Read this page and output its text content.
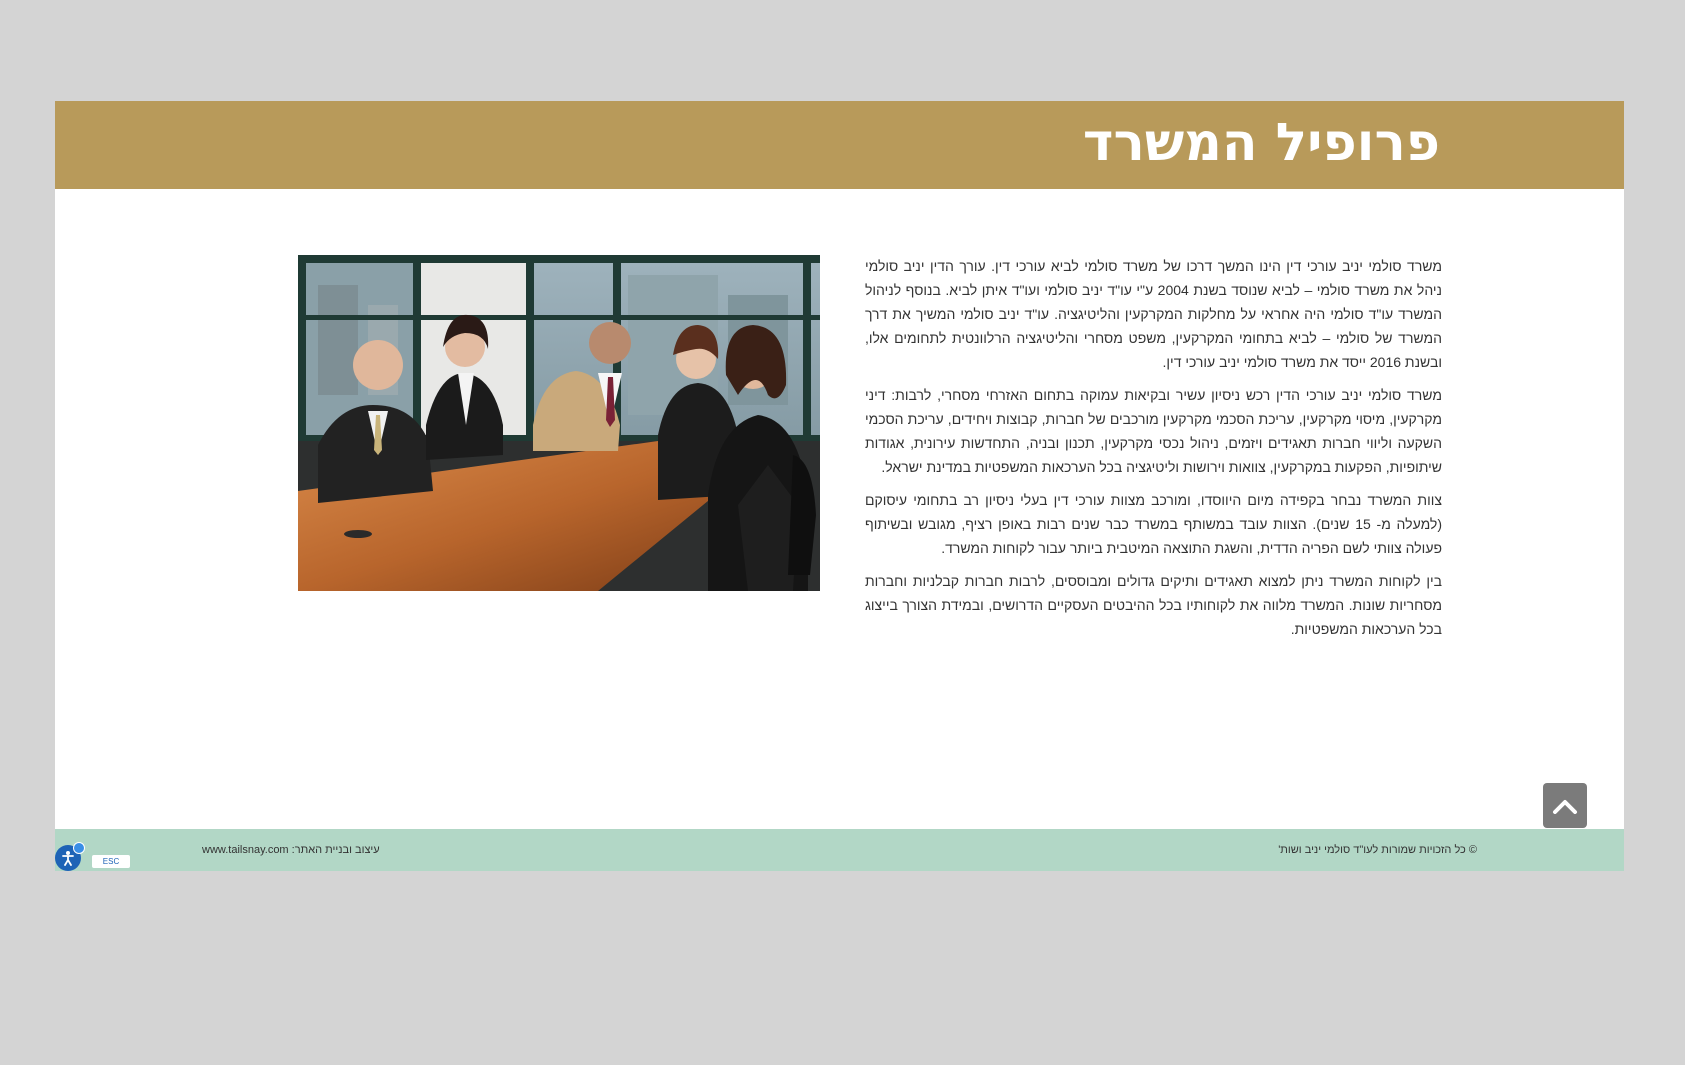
פרופיל המשרד

משרד סולמי יניב עורכי דין הינו המשך דרכו של משרד סולמי לביא עורכי דין. עורך הדין יניב סולמי ניהל את משרד סולמי – לביא שנוסד בשנת 2004 ע"י עו"ד יניב סולמי ועו"ד איתן לביא. בנוסף לניהול המשרד עו"ד סולמי היה אחראי על מחלקות המקרקעין והליטיגציה. עו"ד יניב סולמי המשיך את דרך המשרד של סולמי – לביא בתחומי המקרקעין, משפט מסחרי והליטיגציה הרלוונטית לתחומים אלו, ובשנת 2016 ייסד את משרד סולמי יניב עורכי דין.

משרד סולמי יניב עורכי הדין רכש ניסיון עשיר ובקיאות עמוקה בתחום האזרחי מסחרי, לרבות: דיני מקרקעין, מיסוי מקרקעין, עריכת הסכמי מקרקעין מורכבים של חברות, קבוצות ויחידים, עריכת הסכמי השקעה וליווי חברות תאגידים ויזמים, ניהול נכסי מקרקעין, תכנון ובניה, התחדשות עירונית, אגודות שיתופיות, הפקעות במקרקעין, צוואות וירושות וליטיגציה בכל הערכאות המשפטיות במדינת ישראל.

צוות המשרד נבחר בקפידה מיום היווסדו, ומורכב מצוות עורכי דין בעלי ניסיון רב בתחומי עיסוקם (למעלה מ- 15 שנים). הצוות עובד במשותף במשרד כבר שנים רבות באופן רציף, מגובש ובשיתוף פעולה צוותי לשם הפריה הדדית, והשגת התוצאה המיטבית ביותר עבור לקוחות המשרד.

בין לקוחות המשרד ניתן למצוא תאגידים ותיקים גדולים ומבוססים, לרבות חברות קבלניות וחברות מסחריות שונות. המשרד מלווה את לקוחותיו בכל ההיבטים העסקיים הדרושים, ובמידת הצורך בייצוג בכל הערכאות המשפטיות.

עיצוב ובניית האתר: www.tailsnay.com	© כל הזכויות שמורות לעו"ד סולמי יניב ושות'
ESC
